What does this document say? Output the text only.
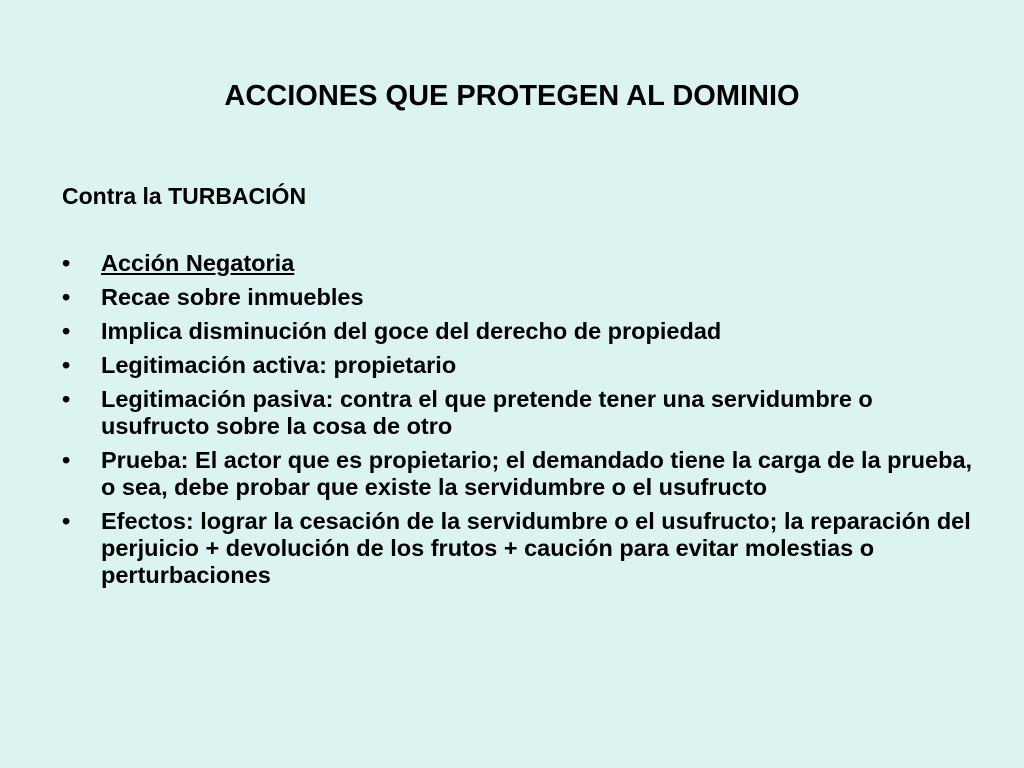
ACCIONES QUE PROTEGEN AL DOMINIO

Contra la TURBACIÓN

•	Acción Negatoria
•	Recae sobre inmuebles
•	Implica disminución del goce del derecho de propiedad
•	Legitimación activa: propietario
•	Legitimación pasiva: contra el que pretende tener una servidumbre o usufructo sobre la cosa de otro
•	Prueba: El actor que es propietario; el demandado tiene la carga de la prueba, o sea, debe probar que existe la servidumbre o el usufructo
•	Efectos: lograr la cesación de la servidumbre o el usufructo; la reparación del perjuicio + devolución de los frutos + caución para evitar molestias o perturbaciones
